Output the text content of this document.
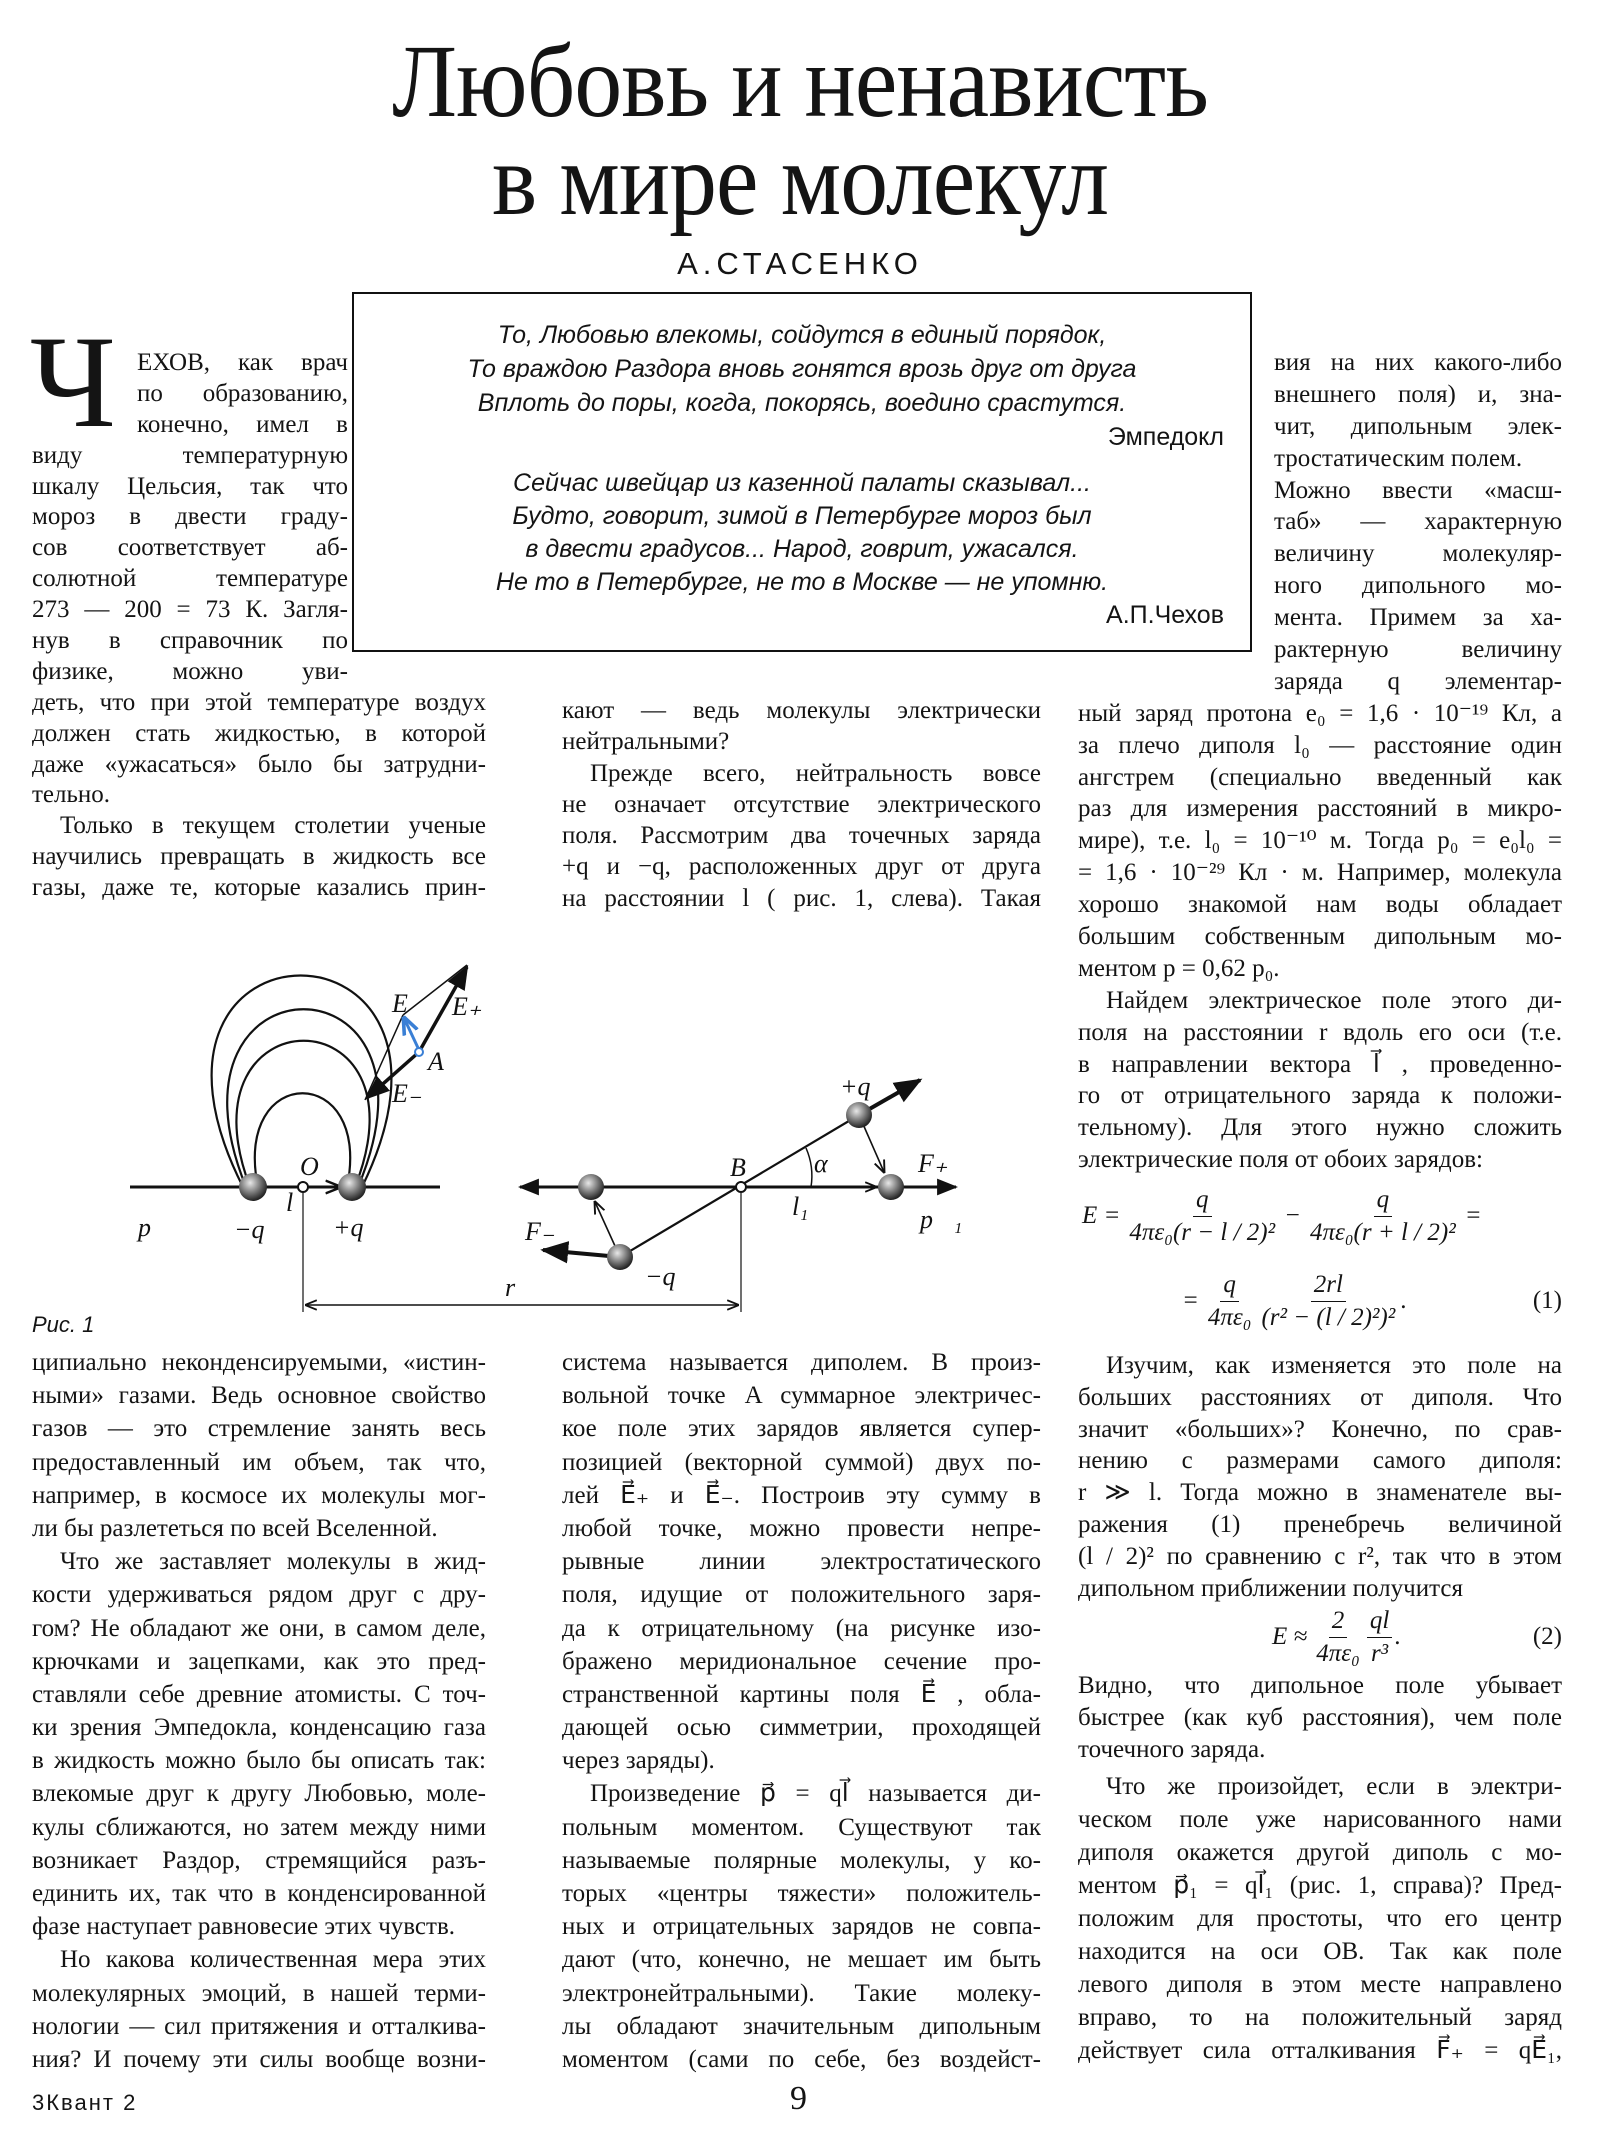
Любовь и ненависть
в мире молекул
А.СТАСЕНКО
То, Любовью влекомы, сойдутся в единый порядок,
То враждою Раздора вновь гонятся врозь друг от друга
Вплоть до поры, когда, покорясь, воедино срастутся.
Эмпедокл
Сейчас швейцар из казенной палаты сказывал...
Будто, говорит, зимой в Петербурге мороз был
в двести градусов... Народ, говрит, ужасался.
Не то в Петербурге, не то в Москве — не упомню.
А.П.Чехов
Ч ЕХОВ, как врач
по образованию,
конечно, имел в
виду температурную
шкалу Цельсия, так что
мороз в двести граду-
сов соответствует аб-
солютной температуре
273 — 200 = 73 К. Загля-
нув в справочник по
физике, можно уви-
деть, что при этой температуре воздух
должен стать жидкостью, в которой
даже «ужасаться» было бы затрудни-
тельно.
Только в текущем столетии ученые
научились превращать в жидкость все
газы, даже те, которые казались прин-
кают — ведь молекулы электрически
нейтральными?
Прежде всего, нейтральность вовсе
не означает отсутствие электрического
поля. Рассмотрим два точечных заряда
+q и −q, расположенных друг от друга
на расстоянии l ( рис. 1, слева). Такая
вия на них какого-либо
внешнего поля) и, зна-
чит, дипольным элек-
тростатическим полем.
Можно ввести «масш-
таб» — характерную
величину молекуляр-
ного дипольного мо-
мента. Примем за ха-
рактерную величину
заряда q элементар-
ный заряд протона e₀ = 1,6 · 10⁻¹⁹ Кл, а
за плечо диполя l₀ — расстояние один
ангстрем (специально введенный как
раз для измерения расстояний в микро-
мире), т.е. l₀ = 10⁻¹⁰ м. Тогда p₀ = e₀l₀ =
= 1,6 · 10⁻²⁹ Кл · м. Например, молекула
хорошо знакомой нам воды обладает
большим собственным дипольным мо-
ментом p = 0,62 p₀.
Найдем электрическое поле этого ди-
поля на расстоянии r вдоль его оси (т.е.
в направлении вектора l⃗ , проведенно-
го от отрицательного заряда к положи-
тельному). Для этого нужно сложить
электрические поля от обоих зарядов:
$E = \frac{q}{\text{4πε₀(r − l / 2)²}} - \frac{q}{\text{4πε₀(r + l / 2)²}}$ =
= $\frac{q}{\text{4πε₀}} \frac{2rl}{\text{(r² − (l / 2)²)²}}$ .	(1)
Изучим, как изменяется это поле на
больших расстояниях от диполя. Что
значит «больших»? Конечно, по срав-
нению с размерами самого диполя:
r ≫ l. Тогда можно в знаменателе вы-
ражения (1) пренебречь величиной
(l / 2)² по сравнению с r², так что в этом
дипольном приближении получится
$E \approx \frac{2}{\text{4πε₀}} \frac{ql}{\text{r³}}$ .	(2)
Видно, что дипольное поле убывает
быстрее (как куб расстояния), чем поле
точечного заряда.
Что же произойдет, если в электри-
ческом поле уже нарисованного нами
диполя окажется другой диполь с мо-
ментом p⃗₁ = ql⃗₁ (рис. 1, справа)? Пред-
положим для простоты, что его центр
находится на оси OB. Так как поле
левого диполя в этом месте направлено
вправо, то на положительный заряд
действует сила отталкивания F⃗₊ = qE⃗₁,
ципиально неконденсируемыми, «истин-
ными» газами. Ведь основное свойство
газов — это стремление занять весь
предоставленный им объем, так что,
например, в космосе их молекулы мог-
ли бы разлететься по всей Вселенной.
Что же заставляет молекулы в жид-
кости удерживаться рядом друг с дру-
гом? Не обладают же они, в самом деле,
крючками и зацепками, как это пред-
ставляли себе древние атомисты. С точ-
ки зрения Эмпедокла, конденсацию газа
в жидкость можно было бы описать так:
влекомые друг к другу Любовью, моле-
кулы сближаются, но затем между ними
возникает Раздор, стремящийся разъ-
единить их, так что в конденсированной
фазе наступает равновесие этих чувств.
Но какова количественная мера этих
молекулярных эмоций, в нашей терми-
нологии — сил притяжения и отталкива-
ния? И почему эти силы вообще возни-
система называется диполем. В произ-
вольной точке A суммарное электричес-
кое поле этих зарядов является супер-
позицией (векторной суммой) двух по-
лей E⃗₊ и E⃗₋. Построив эту сумму в
любой точке, можно провести непре-
рывные линии электростатического
поля, идущие от положительного заря-
да к отрицательному (на рисунке изо-
бражено меридиональное сечение про-
странственной картины поля E⃗ , обла-
дающей осью симметрии, проходящей
через заряды).
Произведение p⃗ = ql⃗ называется ди-
польным моментом. Существуют так
называемые полярные молекулы, у ко-
торых «центры тяжести» положитель-
ных и отрицательных зарядов не совпа-
дают (что, конечно, не мешает им быть
электронейтральными). Такие молеку-
лы обладают значительным дипольным
моментом (сами по себе, без воздейст-
E E₊
E₋
A
O
l
p⃗ −q	+q
B	α
l₁
F₊
p⃗₁
F₋
−q
+q
r
Рис. 1
3Квант 2	9
